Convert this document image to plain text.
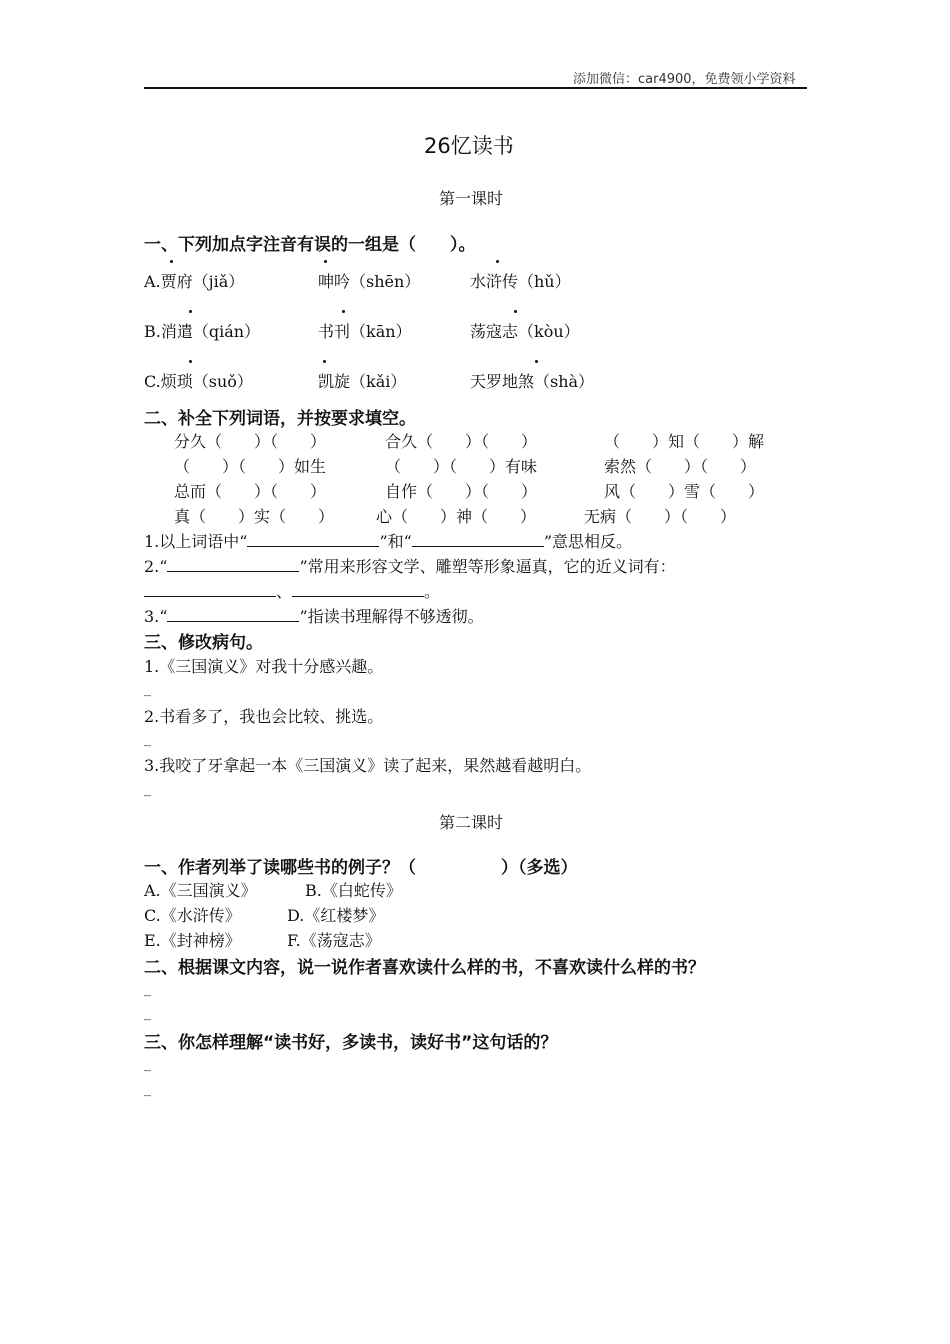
添加微信：car4900，免费领小学资料
26忆读书
第一课时
一、下列加点字注音有误的一组是（　　）。
A.贾府（jiǎ）	呻吟（shēn）	水浒传（hǔ）
B.消遣（qián）	书刊（kān）	荡寇志（kòu）
C.烦琐（suǒ）	凯旋（kǎi）	天罗地煞（shà）
二、补全下列词语，并按要求填空。
分久（　　）（　　）	合久（　　）（　　）	（　　）知（　　）解
（　　）（　　）如生	（　　）（　　）有味	索然（　　）（　　）
总而（　　）（　　）	自作（　　）（　　）	风（　　）雪（　　）
真（　　）实（　　）	心（　　）神（　　）	无病（　　）（　　）
1.以上词语中“	”和“	”意思相反。
2.“	”常用来形容文学、雕塑等形象逼真，它的近义词有：
、	。
3.“	”指读书理解得不够透彻。
三、修改病句。
1.《三国演义》对我十分感兴趣。
_
2.书看多了，我也会比较、挑选。
_
3.我咬了牙拿起一本《三国演义》读了起来，果然越看越明白。
_
第二课时
一、作者列举了读哪些书的例子？（　　　　　）（多选）
A.《三国演义》	B.《白蛇传》
C.《水浒传》	D.《红楼梦》
E.《封神榜》	F.《荡寇志》
二、根据课文内容，说一说作者喜欢读什么样的书，不喜欢读什么样的书？
_
_
三、你怎样理解“读书好，多读书，读好书”这句话的？
_
_
